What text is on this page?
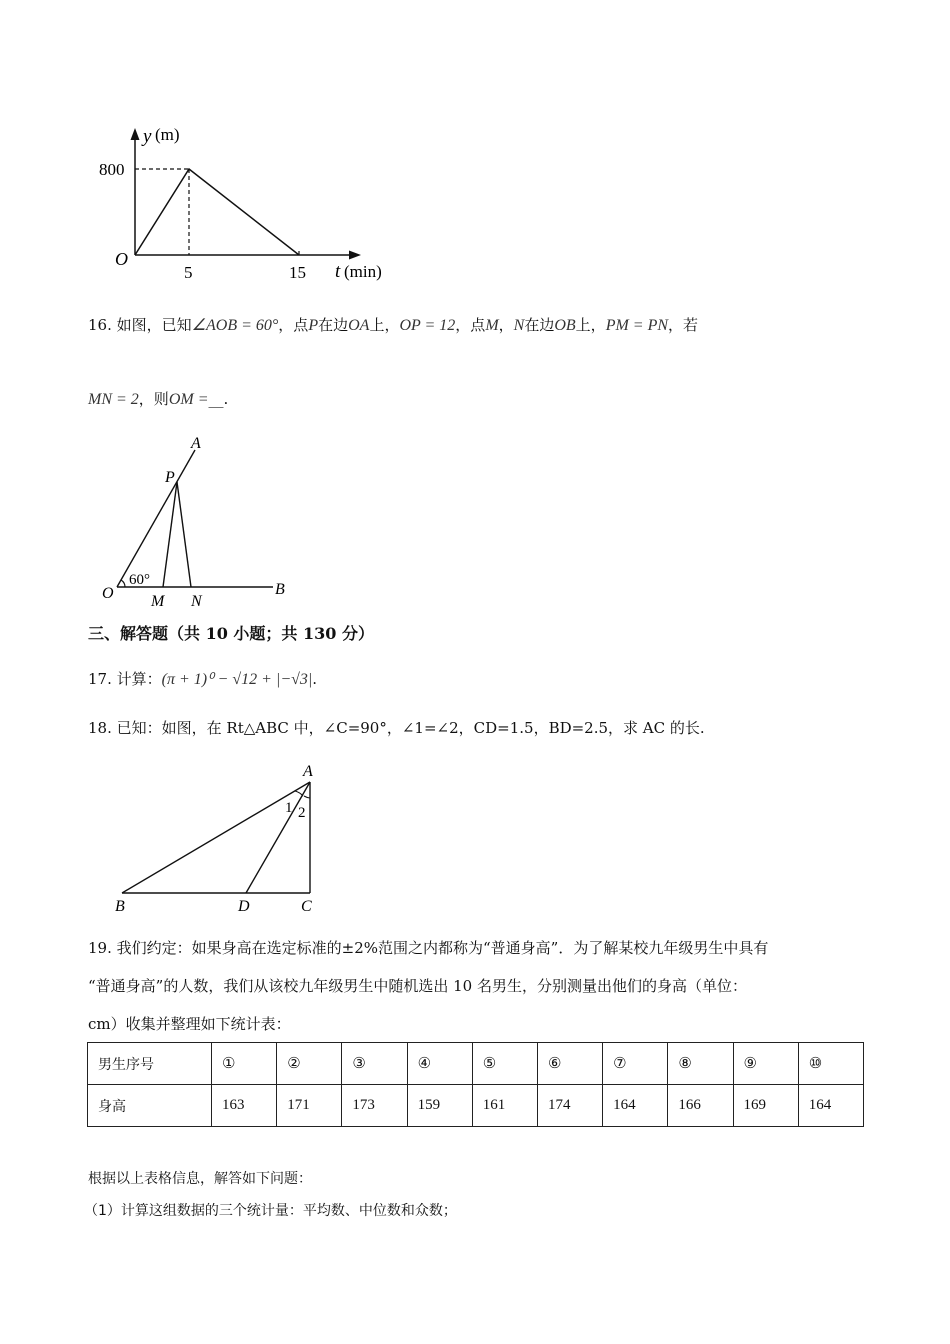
y (m)
800
O
5	15 t (min)
16. 如图，已知∠AOB = 60°，点P在边OA上，OP = 12，点M，N在边OB上，PM = PN，若
MN = 2，则OM =__.
A
P
O M N
B
60°
三、解答题（共 10 小题；共 130 分）
17. 计算：(π + 1)⁰ − √12 + |−√3|.
18. 已知：如图，在 Rt△ABC 中，∠C=90°，∠1=∠2，CD=1.5，BD=2.5，求 AC 的长.
A
B	D	C
1 2
19. 我们约定：如果身高在选定标准的±2%范围之内都称为“普通身高”．为了解某校九年级男生中具有
“普通身高”的人数，我们从该校九年级男生中随机选出 10 名男生，分别测量出他们的身高（单位：
cm）收集并整理如下统计表：
男生序号	①	②	③	④	⑤	⑥	⑦	⑧	⑨	⑩
身高	163	171	173	159	161	174	164	166	169	164
根据以上表格信息，解答如下问题：
（1）计算这组数据的三个统计量：平均数、中位数和众数；
